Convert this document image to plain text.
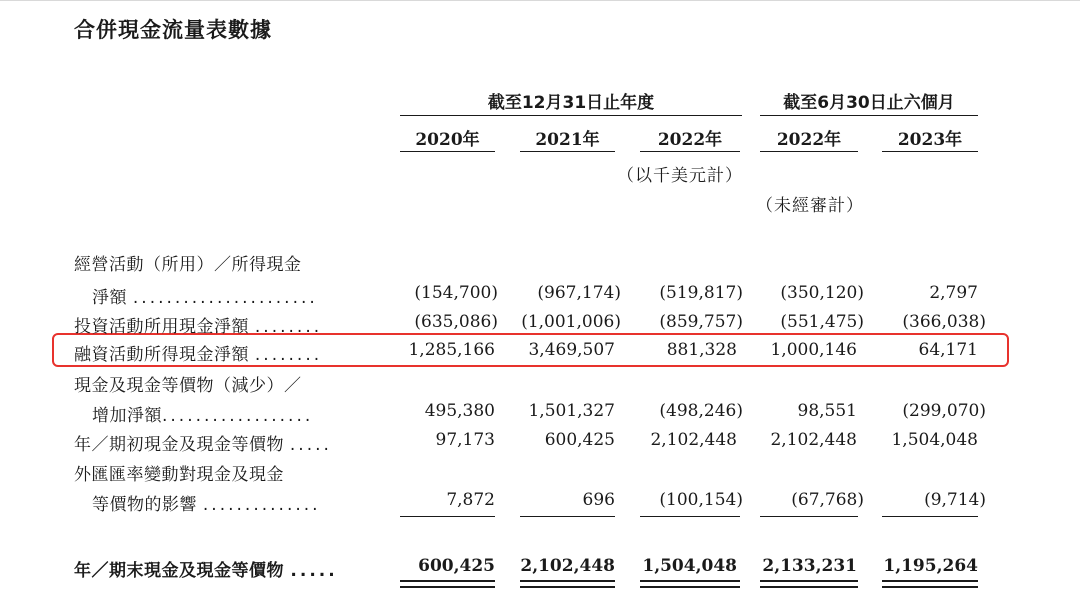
合併現金流量表數據
截至12月31日止年度	截至6月30日止六個月
2020年	2021年	2022年	2022年	2023年
（以千美元計）
（未經審計）
經營活動（所用）／所得現金
淨額 ......................	(154,700) (967,174) (519,817) (350,120)	2,797
投資活動所用現金淨額 ........	(635,086) (1,001,006) (859,757) (551,475) (366,038)
融資活動所得現金淨額 ........	1,285,166 3,469,507	881,328 1,000,146	64,171
現金及現金等價物（減少）／
增加淨額..................	495,380 1,501,327	(498,246)	98,551	(299,070)
年／期初現金及現金等價物 .....	97,173	600,425 2,102,448 2,102,448 1,504,048
外匯匯率變動對現金及現金
等價物的影響 ..............	7,872	696	(100,154)	(67,768)	(9,714)
年／期末現金及現金等價物 .....	600,425 2,102,448 1,504,048 2,133,231 1,195,264
